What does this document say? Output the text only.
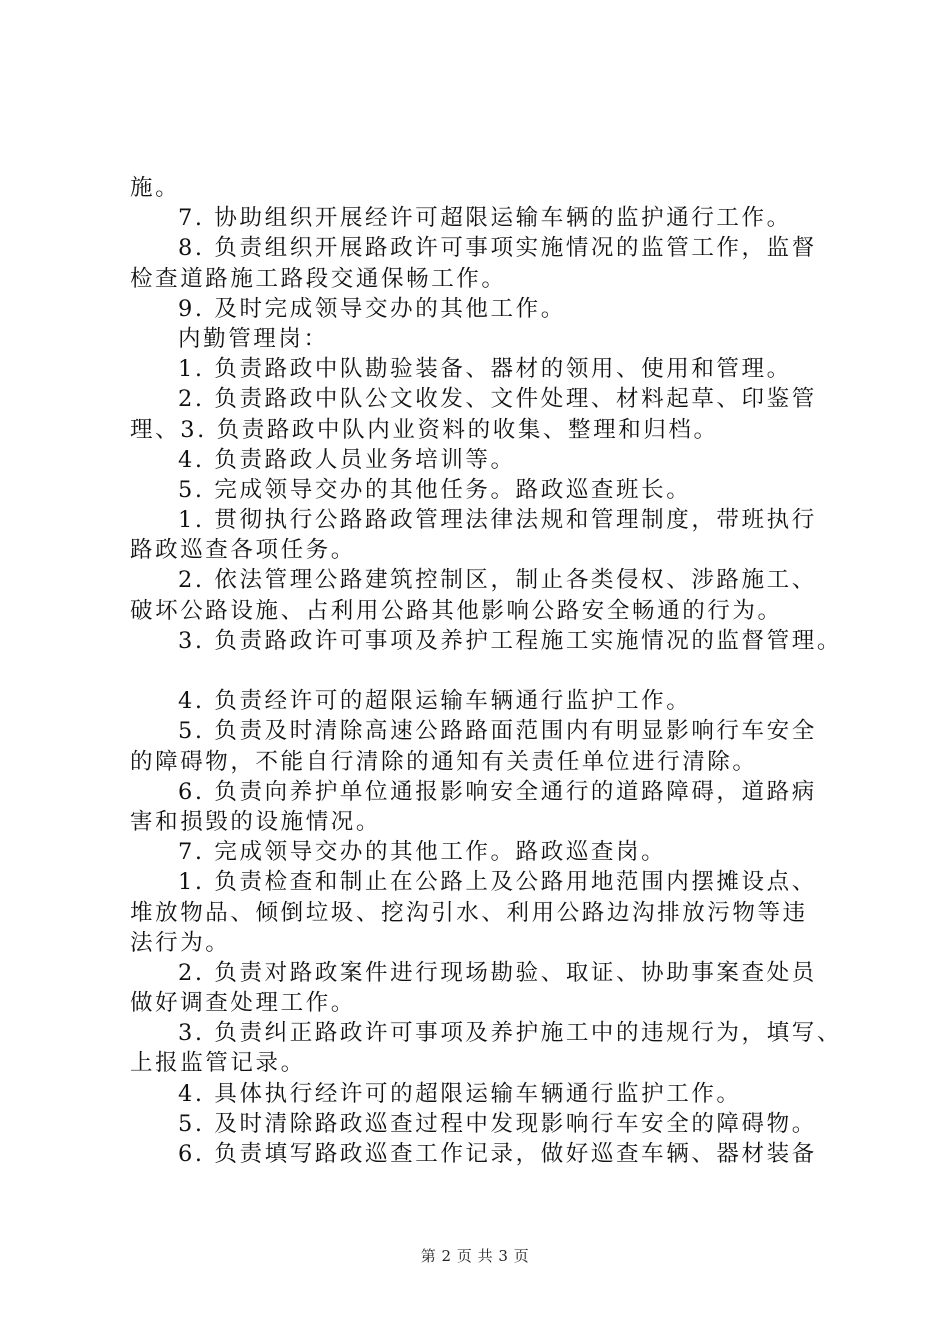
施。
7. 协助组织开展经许可超限运输车辆的监护通行工作。
8. 负责组织开展路政许可事项实施情况的监管工作，监督
检查道路施工路段交通保畅工作。
9. 及时完成领导交办的其他工作。
内勤管理岗：
1. 负责路政中队勘验装备、器材的领用、使用和管理。
2. 负责路政中队公文收发、文件处理、材料起草、印鉴管
理、3. 负责路政中队内业资料的收集、整理和归档。
4. 负责路政人员业务培训等。
5. 完成领导交办的其他任务。路政巡查班长。
1. 贯彻执行公路路政管理法律法规和管理制度，带班执行
路政巡查各项任务。
2. 依法管理公路建筑控制区，制止各类侵权、涉路施工、
破坏公路设施、占利用公路其他影响公路安全畅通的行为。
3. 负责路政许可事项及养护工程施工实施情况的监督管理。
4. 负责经许可的超限运输车辆通行监护工作。
5. 负责及时清除高速公路路面范围内有明显影响行车安全
的障碍物，不能自行清除的通知有关责任单位进行清除。
6. 负责向养护单位通报影响安全通行的道路障碍，道路病
害和损毁的设施情况。
7. 完成领导交办的其他工作。路政巡查岗。
1. 负责检查和制止在公路上及公路用地范围内摆摊设点、
堆放物品、倾倒垃圾、挖沟引水、利用公路边沟排放污物等违
法行为。
2. 负责对路政案件进行现场勘验、取证、协助事案查处员
做好调查处理工作。
3. 负责纠正路政许可事项及养护施工中的违规行为，填写、
上报监管记录。
4. 具体执行经许可的超限运输车辆通行监护工作。
5. 及时清除路政巡查过程中发现影响行车安全的障碍物。
6. 负责填写路政巡查工作记录，做好巡查车辆、器材装备
第 2 页 共 3 页
